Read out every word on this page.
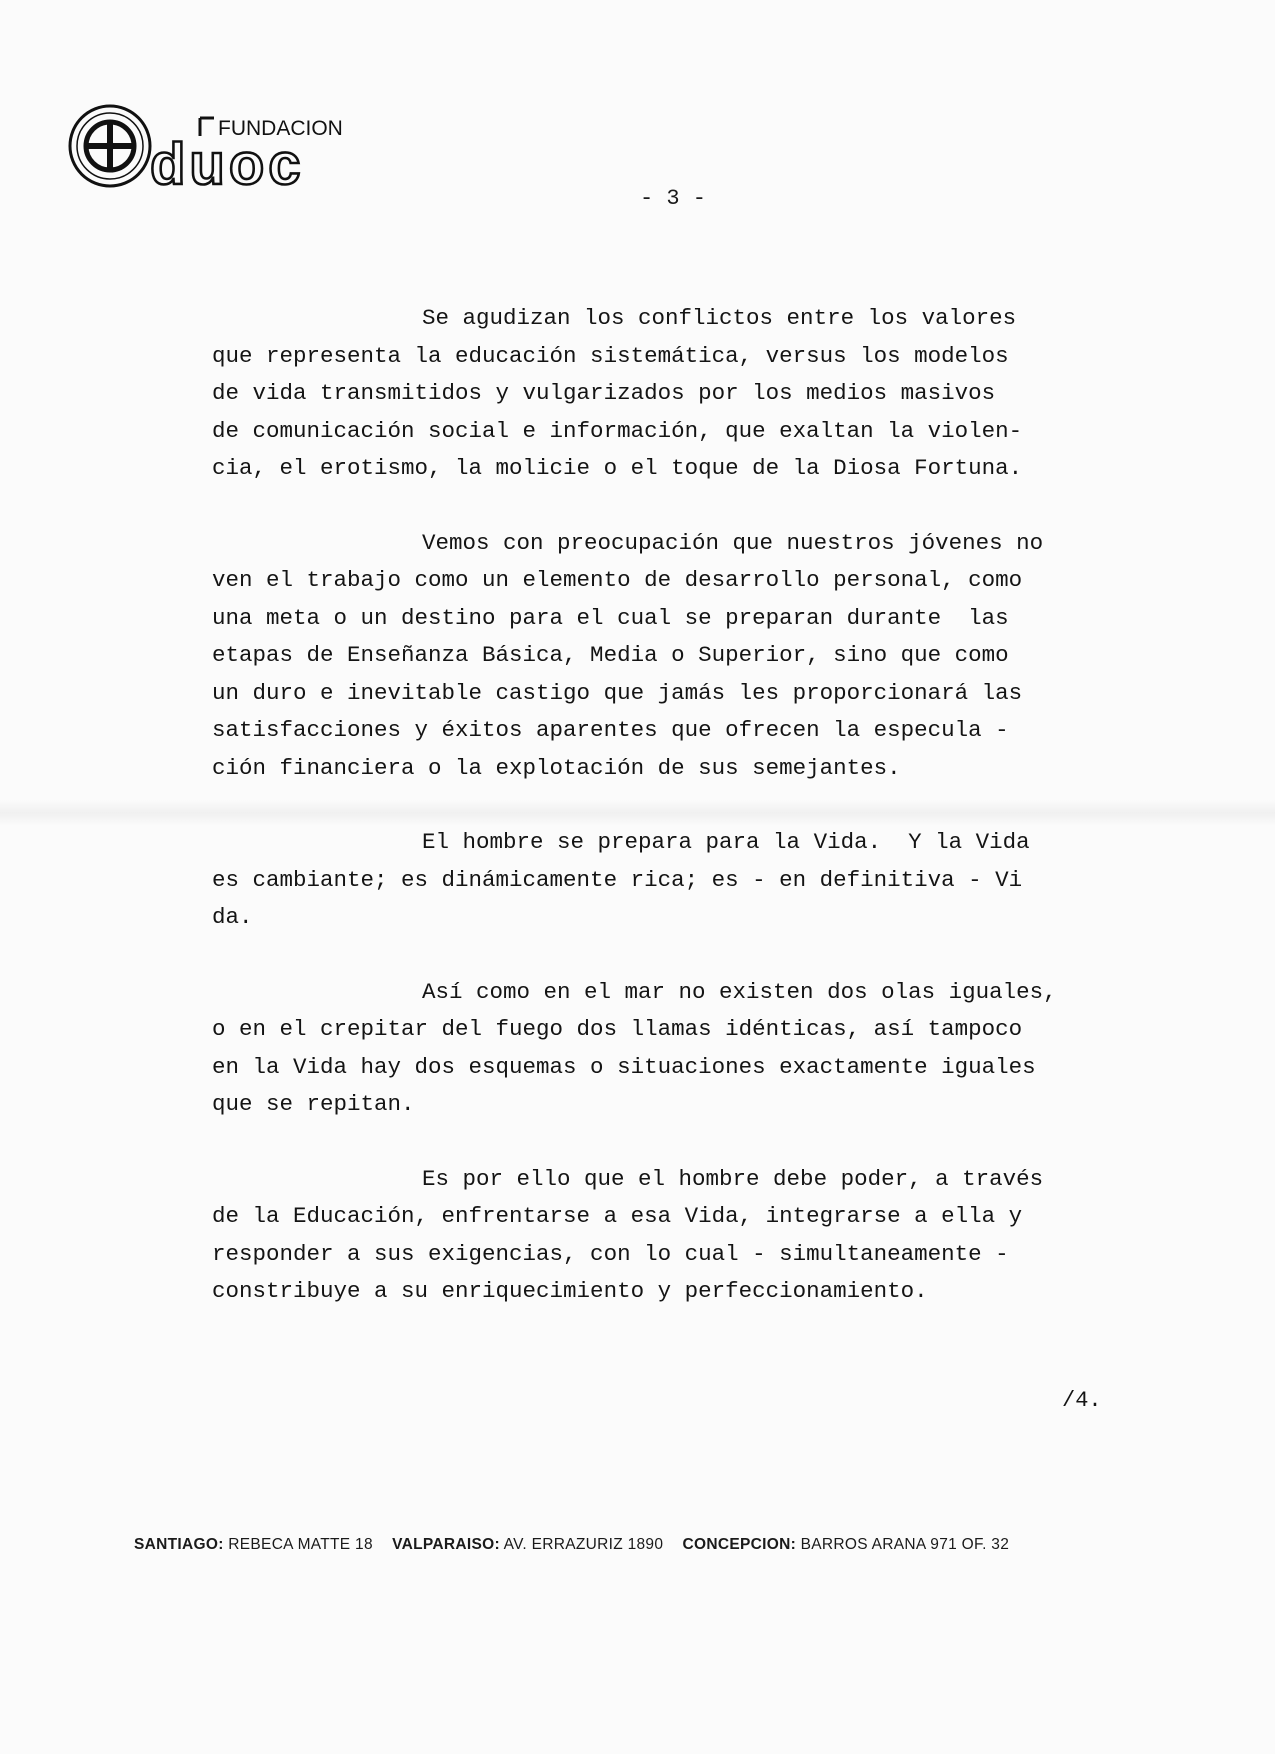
FUNDACION
duoc
- 3 -
Se agudizan los conflictos entre los valores
que representa la educación sistemática, versus los modelos
de vida transmitidos y vulgarizados por los medios masivos
de comunicación social e información, que exaltan la violen-
cia, el erotismo, la molicie o el toque de la Diosa Fortuna.
Vemos con preocupación que nuestros jóvenes no
ven el trabajo como un elemento de desarrollo personal, como
una meta o un destino para el cual se preparan durante  las
etapas de Enseñanza Básica, Media o Superior, sino que como
un duro e inevitable castigo que jamás les proporcionará las
satisfacciones y éxitos aparentes que ofrecen la especula -
ción financiera o la explotación de sus semejantes.
El hombre se prepara para la Vida.  Y la Vida
es cambiante; es dinámicamente rica; es - en definitiva - Vi
da.
Así como en el mar no existen dos olas iguales,
o en el crepitar del fuego dos llamas idénticas, así tampoco
en la Vida hay dos esquemas o situaciones exactamente iguales
que se repitan.
Es por ello que el hombre debe poder, a través
de la Educación, enfrentarse a esa Vida, integrarse a ella y
responder a sus exigencias, con lo cual - simultaneamente -
constribuye a su enriquecimiento y perfeccionamiento.
/4.
SANTIAGO: REBECA MATTE 18 VALPARAISO: AV. ERRAZURIZ 1890 CONCEPCION: BARROS ARANA 971 OF. 32
